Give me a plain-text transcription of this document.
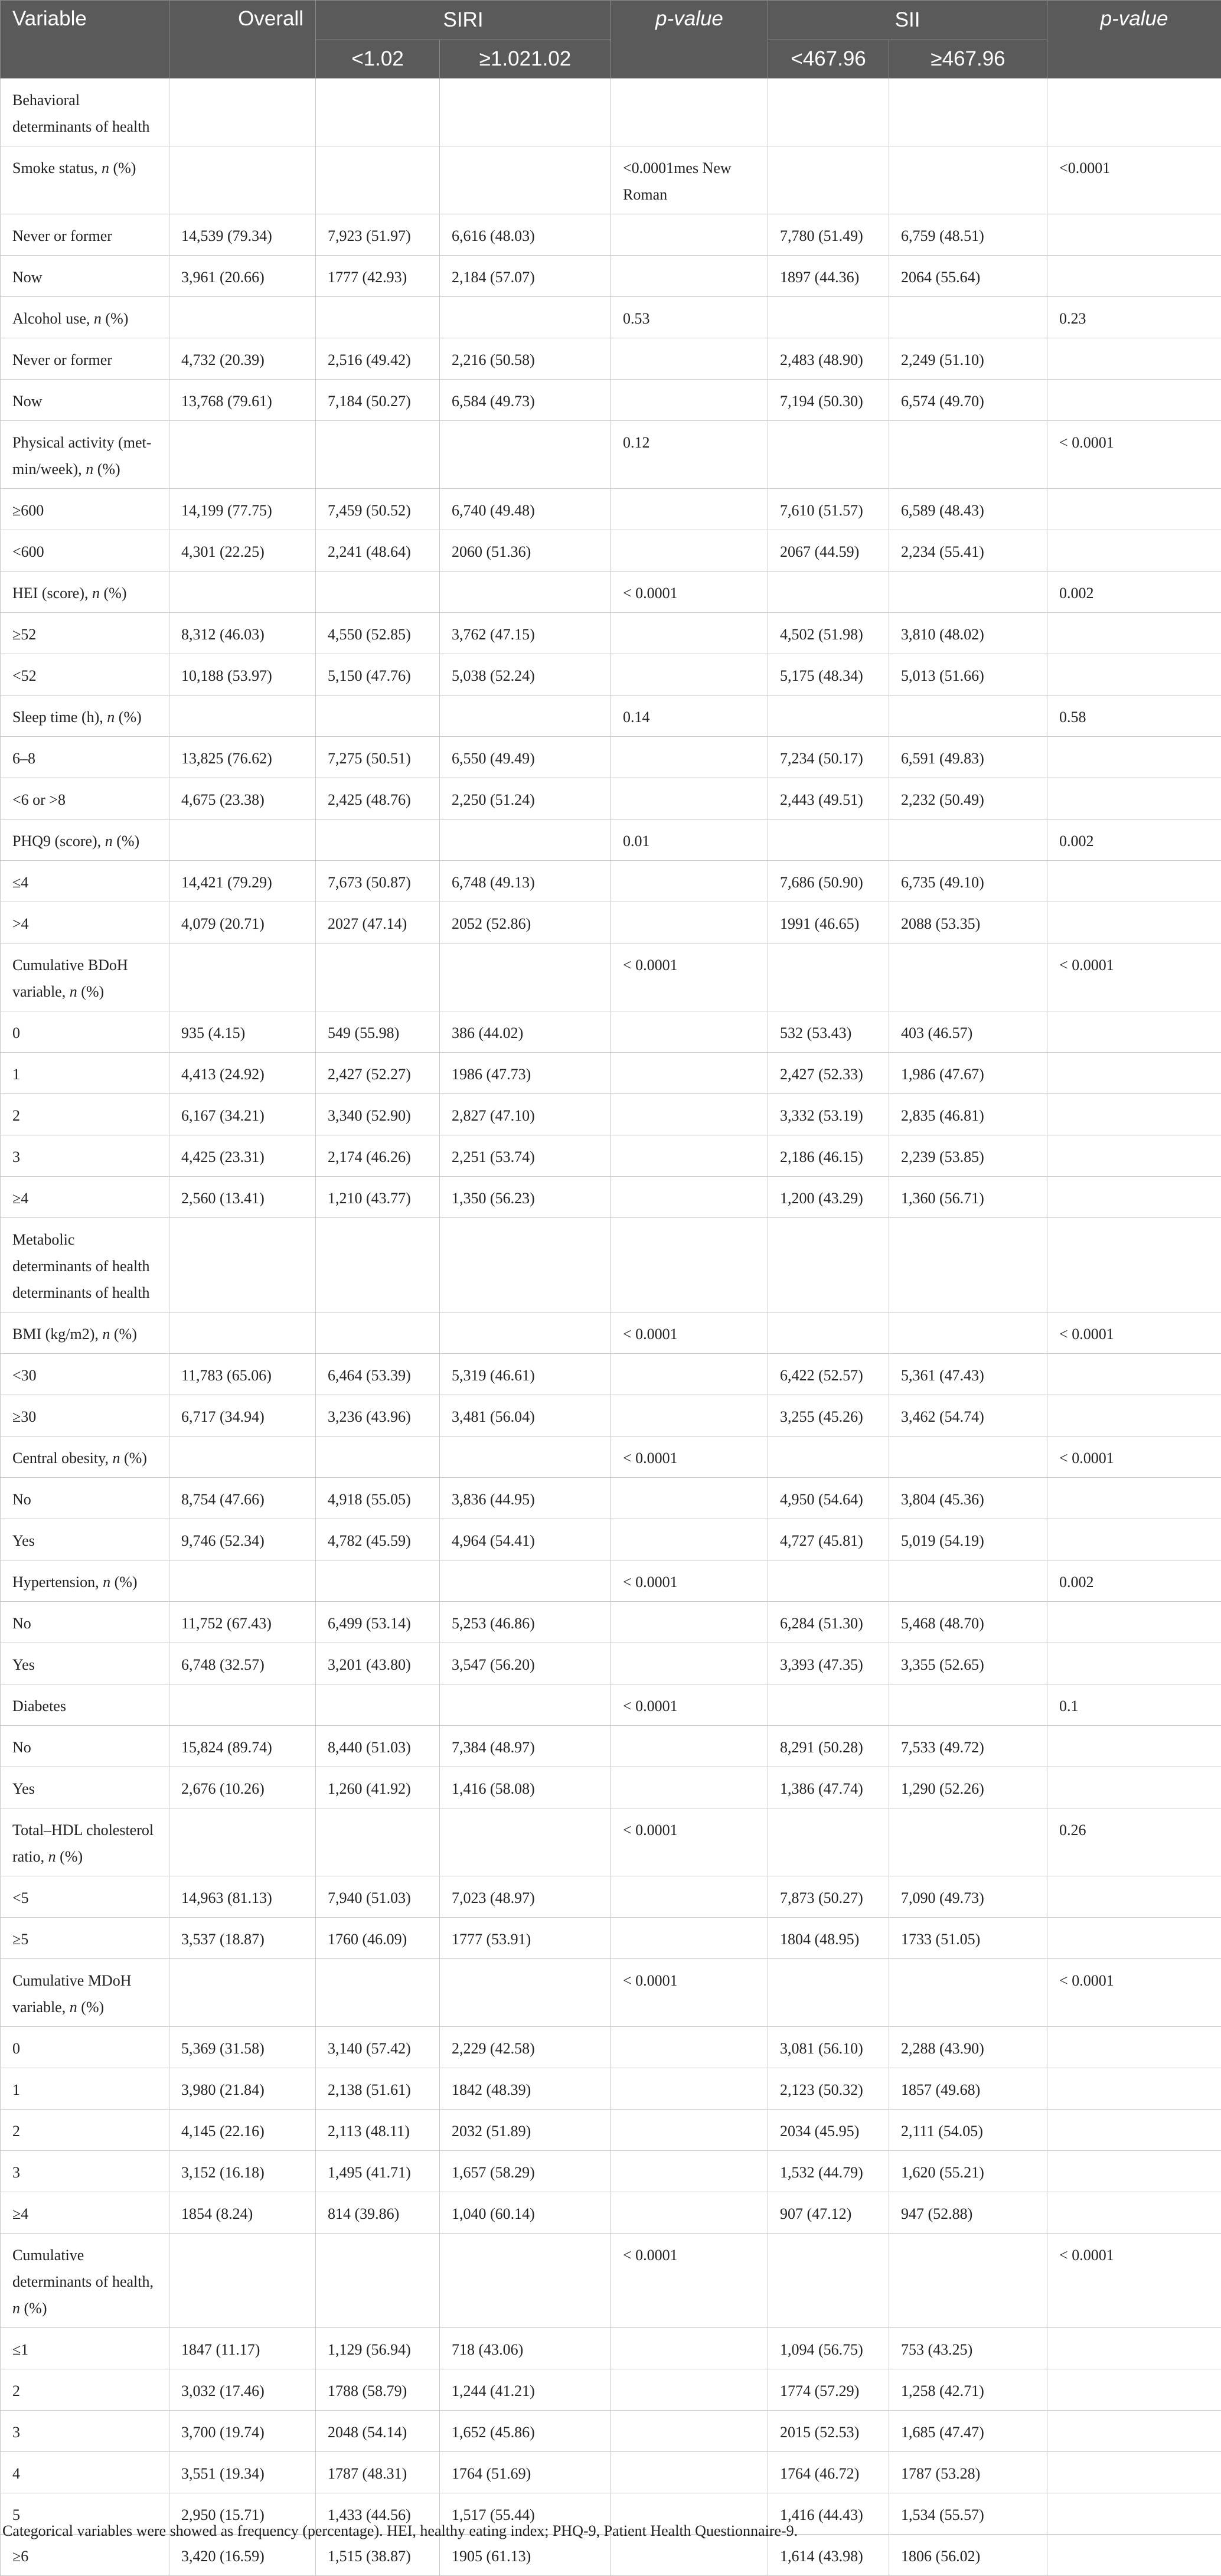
Variable	Overall	SIRI		p-value	SII		p-value
		<1.02	≥1.021.02		<467.96	≥467.96	
Behavioral determinants of health							
Smoke status, n (%)				<0.0001mes New Roman			<0.0001
Never or former	14,539 (79.34)	7,923 (51.97)	6,616 (48.03)		7,780 (51.49)	6,759 (48.51)	
Now	3,961 (20.66)	1777 (42.93)	2,184 (57.07)		1897 (44.36)	2064 (55.64)	
Alcohol use, n (%)				0.53			0.23
Never or former	4,732 (20.39)	2,516 (49.42)	2,216 (50.58)		2,483 (48.90)	2,249 (51.10)	
Now	13,768 (79.61)	7,184 (50.27)	6,584 (49.73)		7,194 (50.30)	6,574 (49.70)	
Physical activity (met-min/week), n (%)				0.12			< 0.0001
≥600	14,199 (77.75)	7,459 (50.52)	6,740 (49.48)		7,610 (51.57)	6,589 (48.43)	
<600	4,301 (22.25)	2,241 (48.64)	2060 (51.36)		2067 (44.59)	2,234 (55.41)	
HEI (score), n (%)				< 0.0001			0.002
≥52	8,312 (46.03)	4,550 (52.85)	3,762 (47.15)		4,502 (51.98)	3,810 (48.02)	
<52	10,188 (53.97)	5,150 (47.76)	5,038 (52.24)		5,175 (48.34)	5,013 (51.66)	
Sleep time (h), n (%)				0.14			0.58
6–8	13,825 (76.62)	7,275 (50.51)	6,550 (49.49)		7,234 (50.17)	6,591 (49.83)	
<6 or >8	4,675 (23.38)	2,425 (48.76)	2,250 (51.24)		2,443 (49.51)	2,232 (50.49)	
PHQ9 (score), n (%)				0.01			0.002
≤4	14,421 (79.29)	7,673 (50.87)	6,748 (49.13)		7,686 (50.90)	6,735 (49.10)	
>4	4,079 (20.71)	2027 (47.14)	2052 (52.86)		1991 (46.65)	2088 (53.35)	
Cumulative BDoH variable, n (%)				< 0.0001			< 0.0001
0	935 (4.15)	549 (55.98)	386 (44.02)		532 (53.43)	403 (46.57)	
1	4,413 (24.92)	2,427 (52.27)	1986 (47.73)		2,427 (52.33)	1,986 (47.67)	
2	6,167 (34.21)	3,340 (52.90)	2,827 (47.10)		3,332 (53.19)	2,835 (46.81)	
3	4,425 (23.31)	2,174 (46.26)	2,251 (53.74)		2,186 (46.15)	2,239 (53.85)	
≥4	2,560 (13.41)	1,210 (43.77)	1,350 (56.23)		1,200 (43.29)	1,360 (56.71)	
Metabolic determinants of health determinants of health							
BMI (kg/m2), n (%)				< 0.0001			< 0.0001
<30	11,783 (65.06)	6,464 (53.39)	5,319 (46.61)		6,422 (52.57)	5,361 (47.43)	
≥30	6,717 (34.94)	3,236 (43.96)	3,481 (56.04)		3,255 (45.26)	3,462 (54.74)	
Central obesity, n (%)				< 0.0001			< 0.0001
No	8,754 (47.66)	4,918 (55.05)	3,836 (44.95)		4,950 (54.64)	3,804 (45.36)	
Yes	9,746 (52.34)	4,782 (45.59)	4,964 (54.41)		4,727 (45.81)	5,019 (54.19)	
Hypertension, n (%)				< 0.0001			0.002
No	11,752 (67.43)	6,499 (53.14)	5,253 (46.86)		6,284 (51.30)	5,468 (48.70)	
Yes	6,748 (32.57)	3,201 (43.80)	3,547 (56.20)		3,393 (47.35)	3,355 (52.65)	
Diabetes				< 0.0001			0.1
No	15,824 (89.74)	8,440 (51.03)	7,384 (48.97)		8,291 (50.28)	7,533 (49.72)	
Yes	2,676 (10.26)	1,260 (41.92)	1,416 (58.08)		1,386 (47.74)	1,290 (52.26)	
Total–HDL cholesterol ratio, n (%)				< 0.0001			0.26
<5	14,963 (81.13)	7,940 (51.03)	7,023 (48.97)		7,873 (50.27)	7,090 (49.73)	
≥5	3,537 (18.87)	1760 (46.09)	1777 (53.91)		1804 (48.95)	1733 (51.05)	
Cumulative MDoH variable, n (%)				< 0.0001			< 0.0001
0	5,369 (31.58)	3,140 (57.42)	2,229 (42.58)		3,081 (56.10)	2,288 (43.90)	
1	3,980 (21.84)	2,138 (51.61)	1842 (48.39)		2,123 (50.32)	1857 (49.68)	
2	4,145 (22.16)	2,113 (48.11)	2032 (51.89)		2034 (45.95)	2,111 (54.05)	
3	3,152 (16.18)	1,495 (41.71)	1,657 (58.29)		1,532 (44.79)	1,620 (55.21)	
≥4	1854 (8.24)	814 (39.86)	1,040 (60.14)		907 (47.12)	947 (52.88)	
Cumulative determinants of health, n (%)				< 0.0001			< 0.0001
≤1	1847 (11.17)	1,129 (56.94)	718 (43.06)		1,094 (56.75)	753 (43.25)	
2	3,032 (17.46)	1788 (58.79)	1,244 (41.21)		1774 (57.29)	1,258 (42.71)	
3	3,700 (19.74)	2048 (54.14)	1,652 (45.86)		2015 (52.53)	1,685 (47.47)	
4	3,551 (19.34)	1787 (48.31)	1764 (51.69)		1764 (46.72)	1787 (53.28)	
5	2,950 (15.71)	1,433 (44.56)	1,517 (55.44)		1,416 (44.43)	1,534 (55.57)	
≥6	3,420 (16.59)	1,515 (38.87)	1905 (61.13)		1,614 (43.98)	1806 (56.02)	
Categorical variables were showed as frequency (percentage). HEI, healthy eating index; PHQ-9, Patient Health Questionnaire-9.
